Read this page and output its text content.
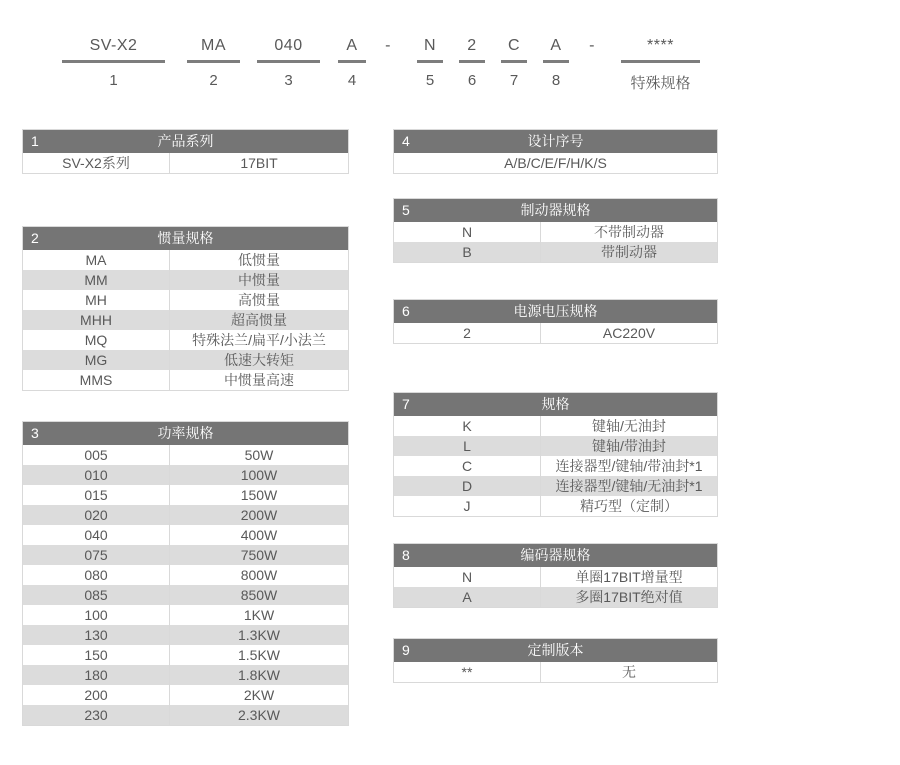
SV-X2
1
MA
2
040
3
A
4
-	N
5
2
6
C
7
A
8
-	****
特殊规格
1	产品系列
SV-X2系列	17BIT
2	惯量规格
MA	低惯量
MM	中惯量
MH	高惯量
MHH	超高惯量
MQ	特殊法兰/扁平/小法兰
MG	低速大转矩
MMS	中惯量高速
3	功率规格
005	50W
010	100W
015	150W
020	200W
040	400W
075	750W
080	800W
085	850W
100	1KW
130	1.3KW
150	1.5KW
180	1.8KW
200	2KW
230	2.3KW
4	设计序号
A/B/C/E/F/H/K/S
5	制动器规格
N	不带制动器
B	带制动器
6	电源电压规格
2	AC220V
7	规格
K	键轴/无油封
L	键轴/带油封
C	连接器型/键轴/带油封*1
D	连接器型/键轴/无油封*1
J	精巧型（定制）
8	编码器规格
N	单圈17BIT增量型
A	多圈17BIT绝对值
9	定制版本
**	无
